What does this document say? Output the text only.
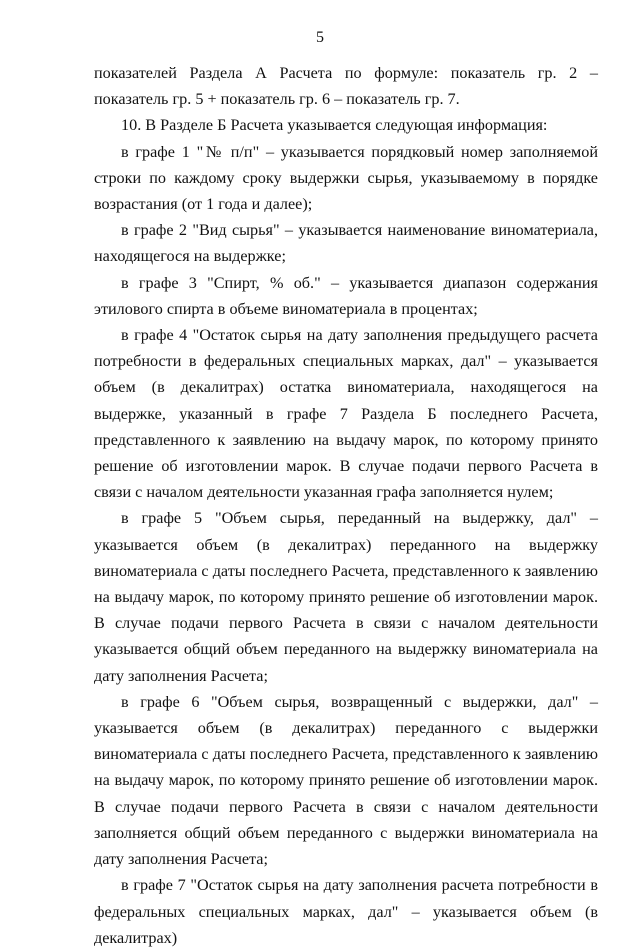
5

показателей Раздела А Расчета по формуле: показатель гр. 2 – показатель гр. 5 + показатель гр. 6 – показатель гр. 7.

10. В Разделе Б Расчета указывается следующая информация:

в графе 1 "№ п/п" – указывается порядковый номер заполняемой строки по каждому сроку выдержки сырья, указываемому в порядке возрастания (от 1 года и далее);

в графе 2 "Вид сырья" – указывается наименование виноматериала, находящегося на выдержке;

в графе 3 "Спирт, % об." – указывается диапазон содержания этилового спирта в объеме виноматериала в процентах;

в графе 4 "Остаток сырья на дату заполнения предыдущего расчета потребности в федеральных специальных марках, дал" – указывается объем (в декалитрах) остатка виноматериала, находящегося на выдержке, указанный в графе 7 Раздела Б последнего Расчета, представленного к заявлению на выдачу марок, по которому принято решение об изготовлении марок. В случае подачи первого Расчета в связи с началом деятельности указанная графа заполняется нулем;

в графе 5 "Объем сырья, переданный на выдержку, дал" – указывается объем (в декалитрах) переданного на выдержку виноматериала с даты последнего Расчета, представленного к заявлению на выдачу марок, по которому принято решение об изготовлении марок. В случае подачи первого Расчета в связи с началом деятельности указывается общий объем переданного на выдержку виноматериала на дату заполнения Расчета;

в графе 6 "Объем сырья, возвращенный с выдержки, дал" – указывается объем (в декалитрах) переданного с выдержки виноматериала с даты последнего Расчета, представленного к заявлению на выдачу марок, по которому принято решение об изготовлении марок. В случае подачи первого Расчета в связи с началом деятельности заполняется общий объем переданного с выдержки виноматериала на дату заполнения Расчета;

в графе 7 "Остаток сырья на дату заполнения расчета потребности в федеральных специальных марках, дал" – указывается объем (в декалитрах)
